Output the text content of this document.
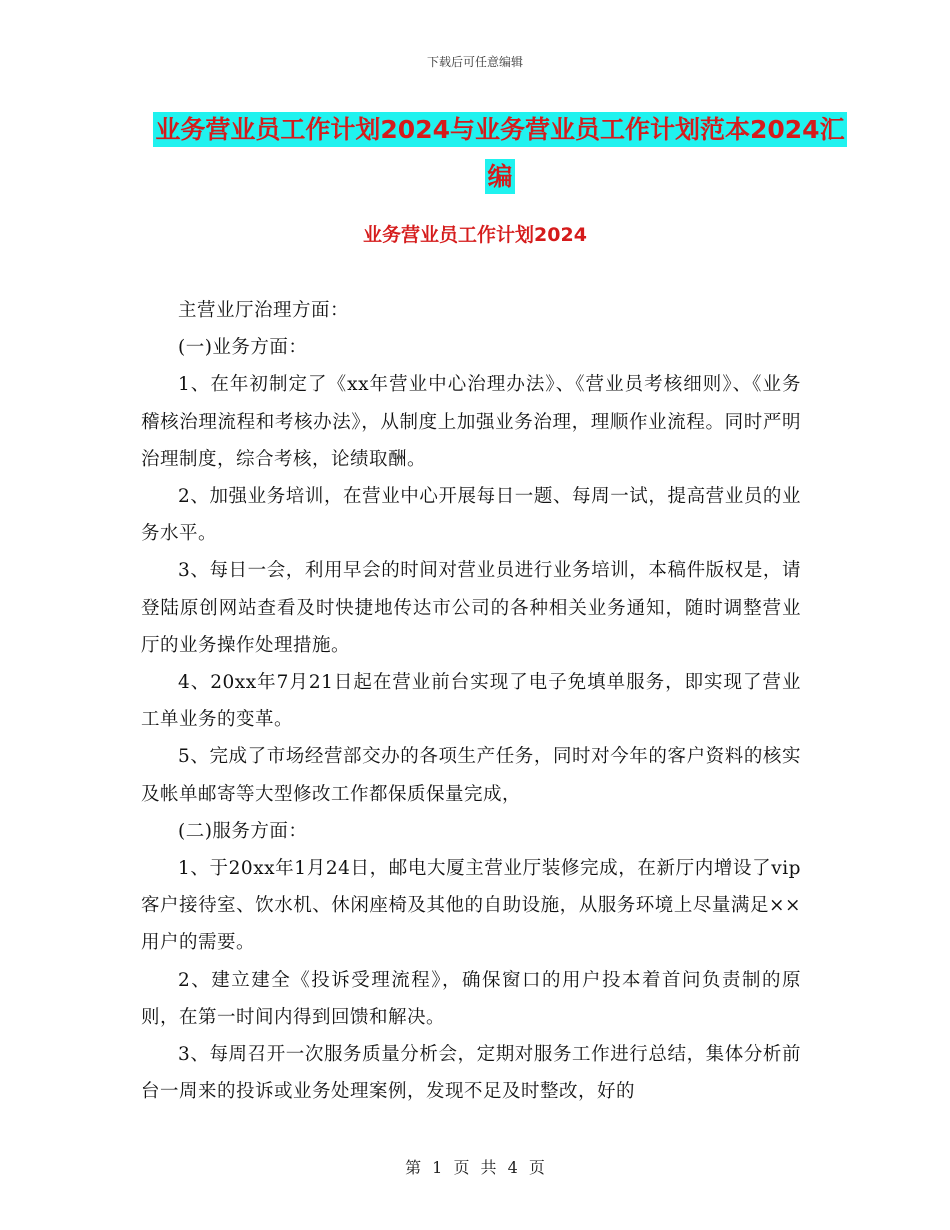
下载后可任意编辑
业务营业员工作计划2024与业务营业员工作计划范本2024汇编
业务营业员工作计划2024

主营业厅治理方面：

(一)业务方面：

1、在年初制定了《xx年营业中心治理办法》、《营业员考核细则》、《业务稽核治理流程和考核办法》，从制度上加强业务治理，理顺作业流程。同时严明治理制度，综合考核，论绩取酬。

2、加强业务培训，在营业中心开展每日一题、每周一试，提高营业员的业务水平。

3、每日一会，利用早会的时间对营业员进行业务培训，本稿件版权是，请登陆原创网站查看及时快捷地传达市公司的各种相关业务通知，随时调整营业厅的业务操作处理措施。

4、20xx年7月21日起在营业前台实现了电子免填单服务，即实现了营业工单业务的变革。

5、完成了市场经营部交办的各项生产任务，同时对今年的客户资料的核实及帐单邮寄等大型修改工作都保质保量完成，

(二)服务方面：

1、于20xx年1月24日，邮电大厦主营业厅装修完成，在新厅内增设了vip客户接待室、饮水机、休闲座椅及其他的自助设施，从服务环境上尽量满足××用户的需要。

2、建立建全《投诉受理流程》，确保窗口的用户投本着首问负责制的原则，在第一时间内得到回馈和解决。

3、每周召开一次服务质量分析会，定期对服务工作进行总结，集体分析前台一周来的投诉或业务处理案例，发现不足及时整改，好的

第 1 页 共 4 页
